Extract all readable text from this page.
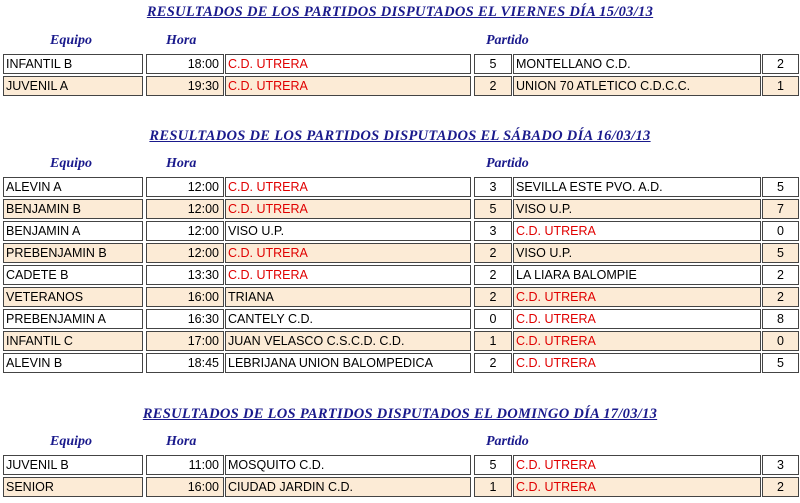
RESULTADOS DE LOS PARTIDOS DISPUTADOS EL VIERNES DÍA 15/03/13
RESULTADOS DE LOS PARTIDOS DISPUTADOS EL SÁBADO DÍA 16/03/13
RESULTADOS DE LOS PARTIDOS DISPUTADOS EL DOMINGO DÍA 17/03/13
Equipo	Hora	Partido
Equipo	Hora	Partido
Equipo	Hora	Partido
INFANTIL B	18:00 C.D. UTRERA	5	MONTELLANO C.D.	2
JUVENIL A	19:30 C.D. UTRERA	2	UNION 70 ATLETICO C.D.C.C.	1
ALEVIN A	12:00 C.D. UTRERA	3	SEVILLA ESTE PVO. A.D.	5
BENJAMIN B	12:00 C.D. UTRERA	5	VISO U.P.	7
BENJAMIN A	12:00 VISO U.P.	3	C.D. UTRERA	0
PREBENJAMIN B	12:00 C.D. UTRERA	2	VISO U.P.	5
CADETE B	13:30 C.D. UTRERA	2	LA LIARA BALOMPIE	2
VETERANOS	16:00 TRIANA	2	C.D. UTRERA	2
PREBENJAMIN A	16:30 CANTELY C.D.	0	C.D. UTRERA	8
INFANTIL C	17:00 JUAN VELASCO C.S.C.D. C.D.	1	C.D. UTRERA	0
ALEVIN B	18:45 LEBRIJANA UNION BALOMPEDICA	2	C.D. UTRERA	5
JUVENIL B	11:00 MOSQUITO C.D.	5	C.D. UTRERA	3
SENIOR	16:00 CIUDAD JARDIN C.D.	1	C.D. UTRERA	2
